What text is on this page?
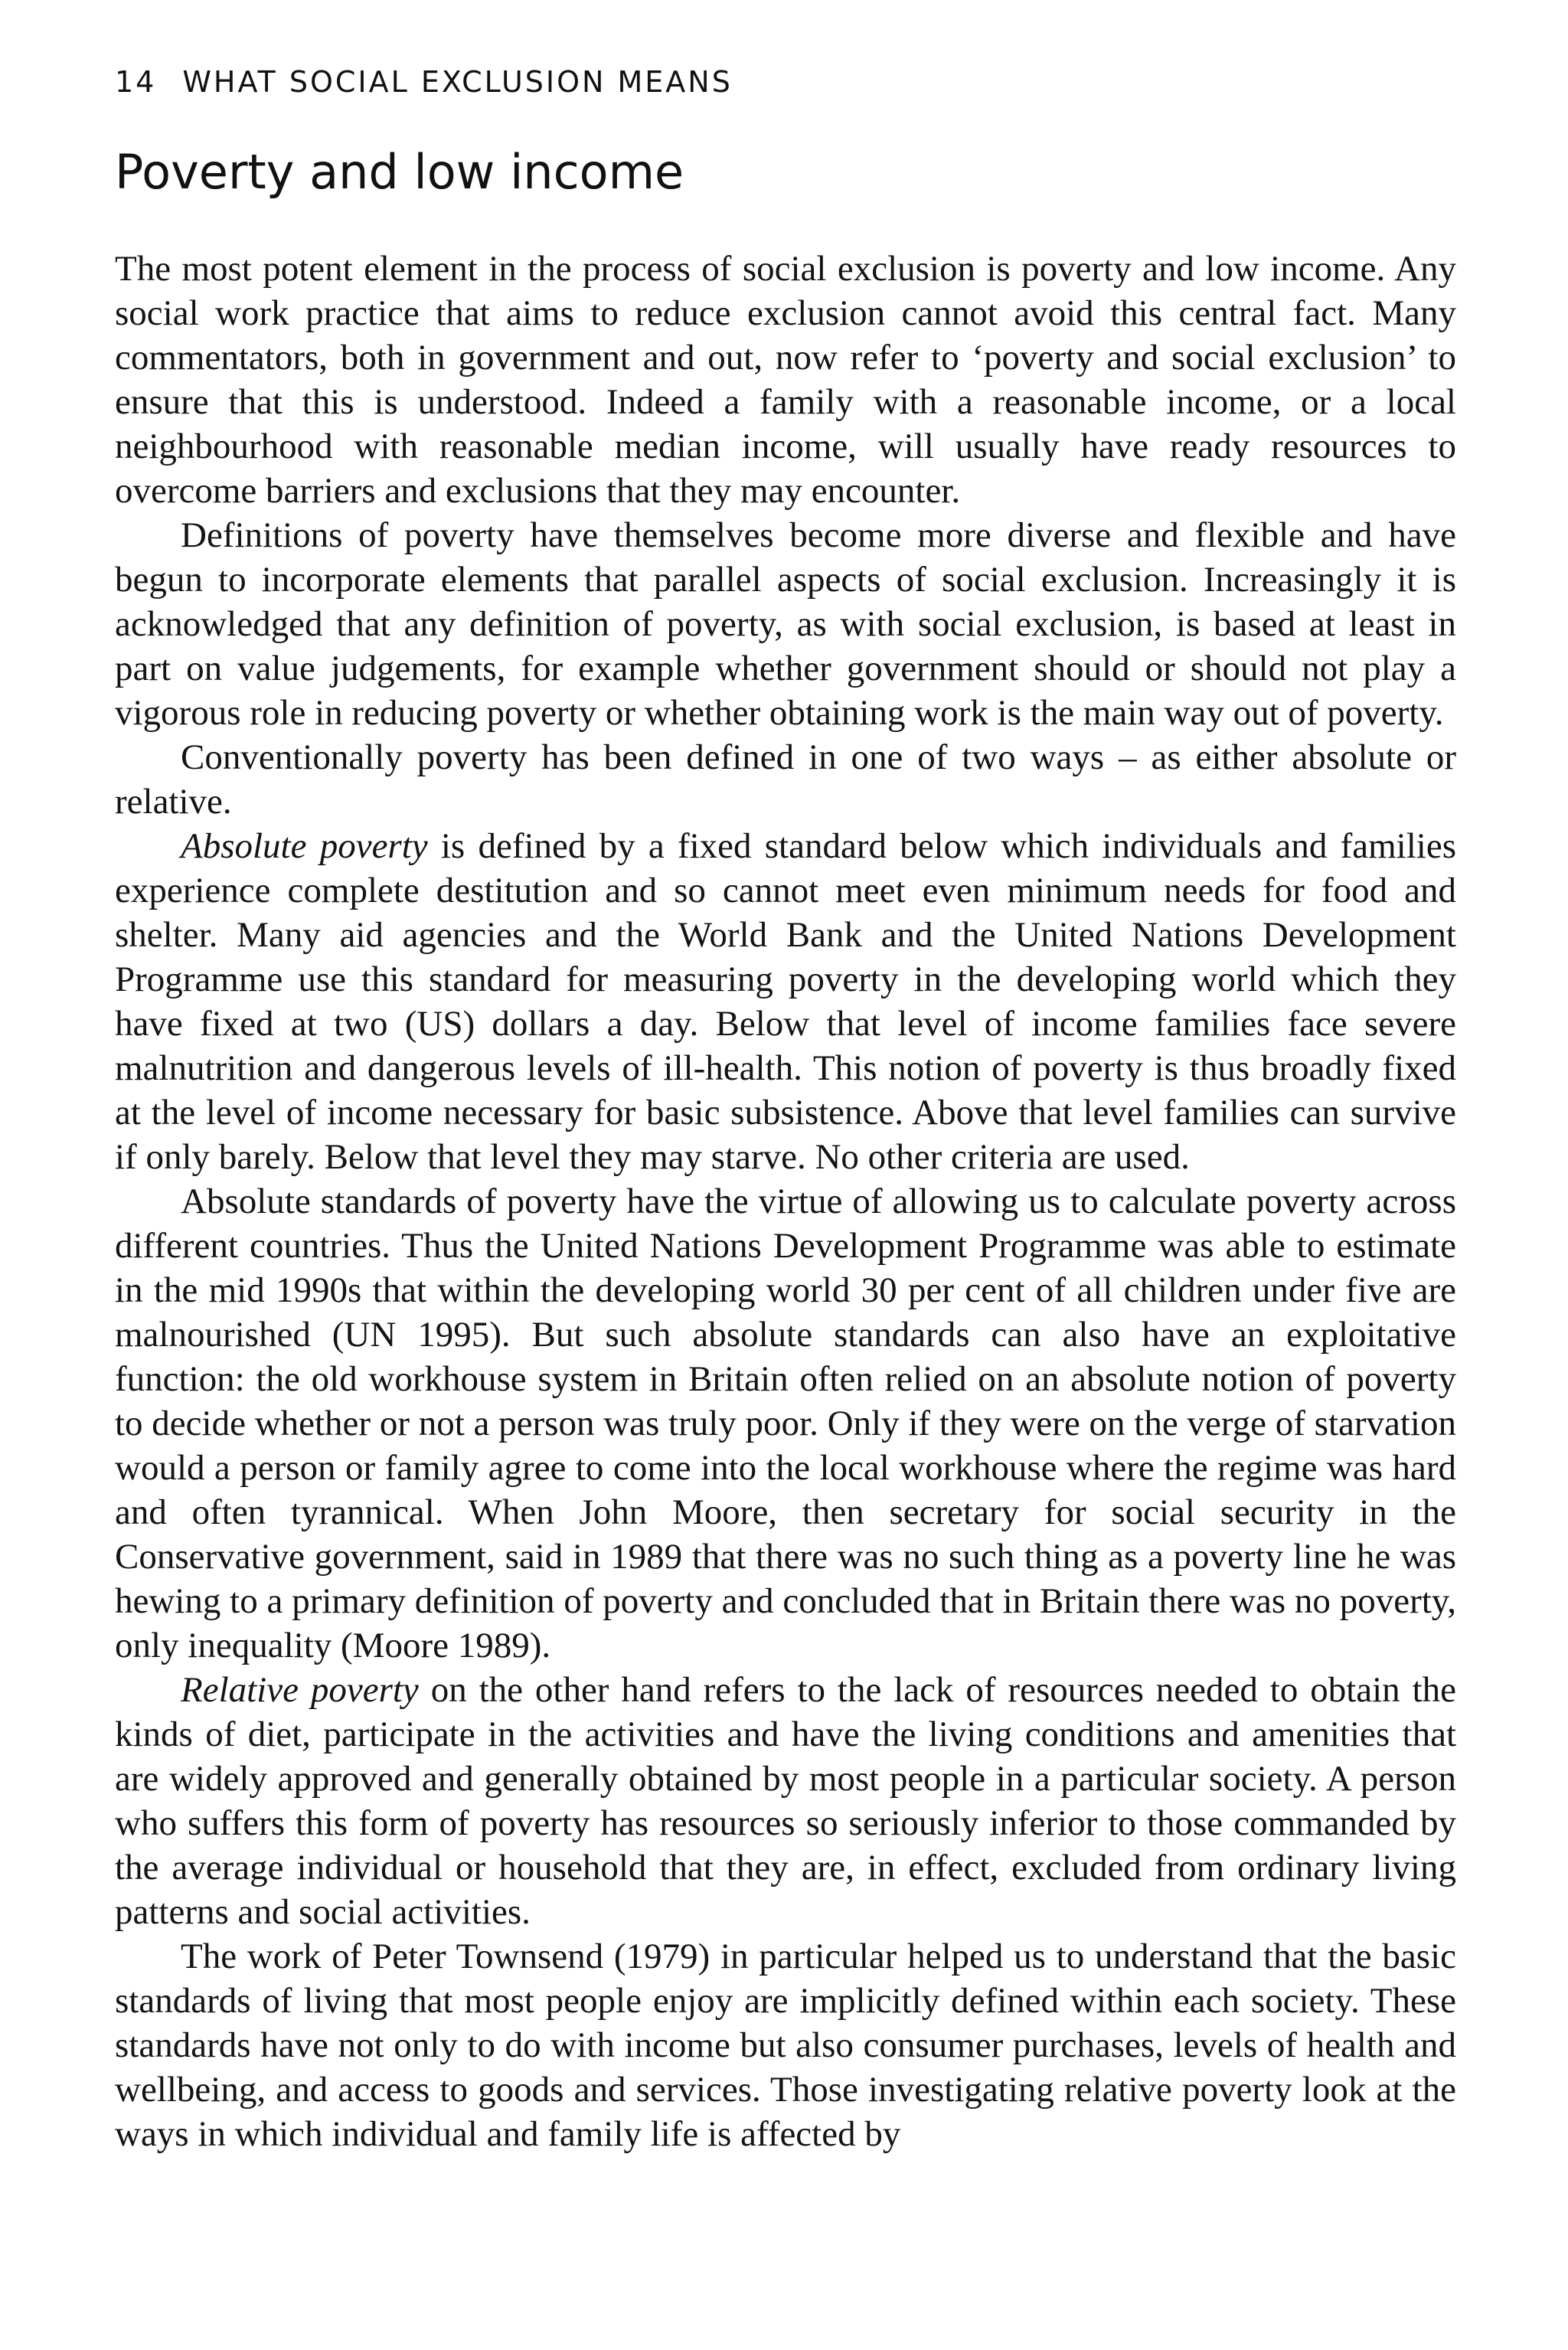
14 WHAT SOCIAL EXCLUSION MEANS
Poverty and low income

The most potent element in the process of social exclusion is poverty and low income. Any social work practice that aims to reduce exclusion cannot avoid this central fact. Many commentators, both in government and out, now refer to ‘poverty and social exclusion’ to ensure that this is understood. Indeed a family with a reasonable income, or a local neighbourhood with reasonable median income, will usually have ready resources to overcome barriers and exclusions that they may encounter.

Definitions of poverty have themselves become more diverse and flexible and have begun to incorporate elements that parallel aspects of social exclusion. Increasingly it is acknowledged that any definition of poverty, as with social exclusion, is based at least in part on value judgements, for example whether government should or should not play a vigorous role in reducing poverty or whether obtaining work is the main way out of poverty.

Conventionally poverty has been defined in one of two ways – as either absolute or relative.

Absolute poverty is defined by a fixed standard below which individuals and families experience complete destitution and so cannot meet even minimum needs for food and shelter. Many aid agencies and the World Bank and the United Nations Development Programme use this standard for measuring poverty in the developing world which they have fixed at two (US) dollars a day. Below that level of income families face severe malnutrition and dangerous levels of ill-health. This notion of poverty is thus broadly fixed at the level of income necessary for basic subsistence. Above that level families can survive if only barely. Below that level they may starve. No other criteria are used.

Absolute standards of poverty have the virtue of allowing us to calculate poverty across different countries. Thus the United Nations Development Programme was able to estimate in the mid 1990s that within the developing world 30 per cent of all children under five are malnourished (UN 1995). But such absolute standards can also have an exploitative function: the old workhouse system in Britain often relied on an absolute notion of poverty to decide whether or not a person was truly poor. Only if they were on the verge of starvation would a person or family agree to come into the local workhouse where the regime was hard and often tyrannical. When John Moore, then secretary for social security in the Conservative government, said in 1989 that there was no such thing as a poverty line he was hewing to a primary definition of poverty and concluded that in Britain there was no poverty, only inequality (Moore 1989).

Relative poverty on the other hand refers to the lack of resources needed to obtain the kinds of diet, participate in the activities and have the living conditions and amenities that are widely approved and generally obtained by most people in a particular society. A person who suffers this form of poverty has resources so seriously inferior to those commanded by the average individual or household that they are, in effect, excluded from ordinary living patterns and social activities.

The work of Peter Townsend (1979) in particular helped us to understand that the basic standards of living that most people enjoy are implicitly defined within each society. These standards have not only to do with income but also consumer purchases, levels of health and wellbeing, and access to goods and services. Those investigating relative poverty look at the ways in which individual and family life is affected by
